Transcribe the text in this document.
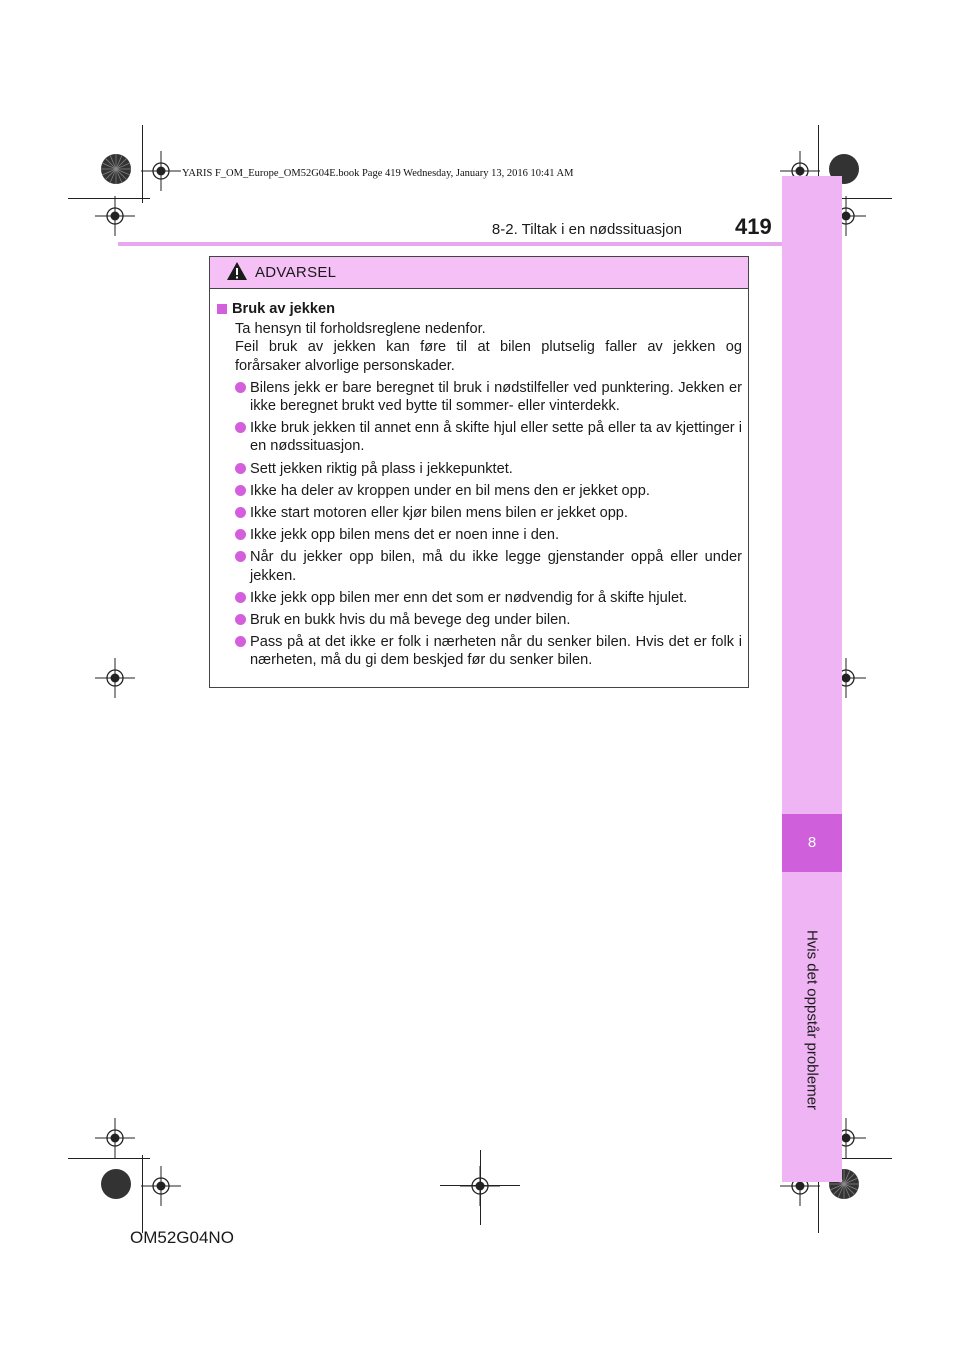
YARIS F_OM_Europe_OM52G04E.book Page 419 Wednesday, January 13, 2016 10:41 AM
8-2. Tiltak i en nødssituasjon 419
8
Hvis det oppstår problemer
ADVARSEL
Bruk av jekken

Ta hensyn til forholdsreglene nedenfor.

Feil bruk av jekken kan føre til at bilen plutselig faller av jekken og

forårsaker alvorlige personskader.

Bilens jekk er bare beregnet til bruk i nødstilfeller ved punktering. Jekken er ikke beregnet brukt ved bytte til sommer- eller vinterdekk.
Ikke bruk jekken til annet enn å skifte hjul eller sette på eller ta av kjettinger i en nødssituasjon.
Sett jekken riktig på plass i jekkepunktet.
Ikke ha deler av kroppen under en bil mens den er jekket opp.
Ikke start motoren eller kjør bilen mens bilen er jekket opp.
Ikke jekk opp bilen mens det er noen inne i den.
Når du jekker opp bilen, må du ikke legge gjenstander oppå eller under jekken.
Ikke jekk opp bilen mer enn det som er nødvendig for å skifte hjulet.
Bruk en bukk hvis du må bevege deg under bilen.
Pass på at det ikke er folk i nærheten når du senker bilen. Hvis det er folk i nærheten, må du gi dem beskjed før du senker bilen.
OM52G04NO
